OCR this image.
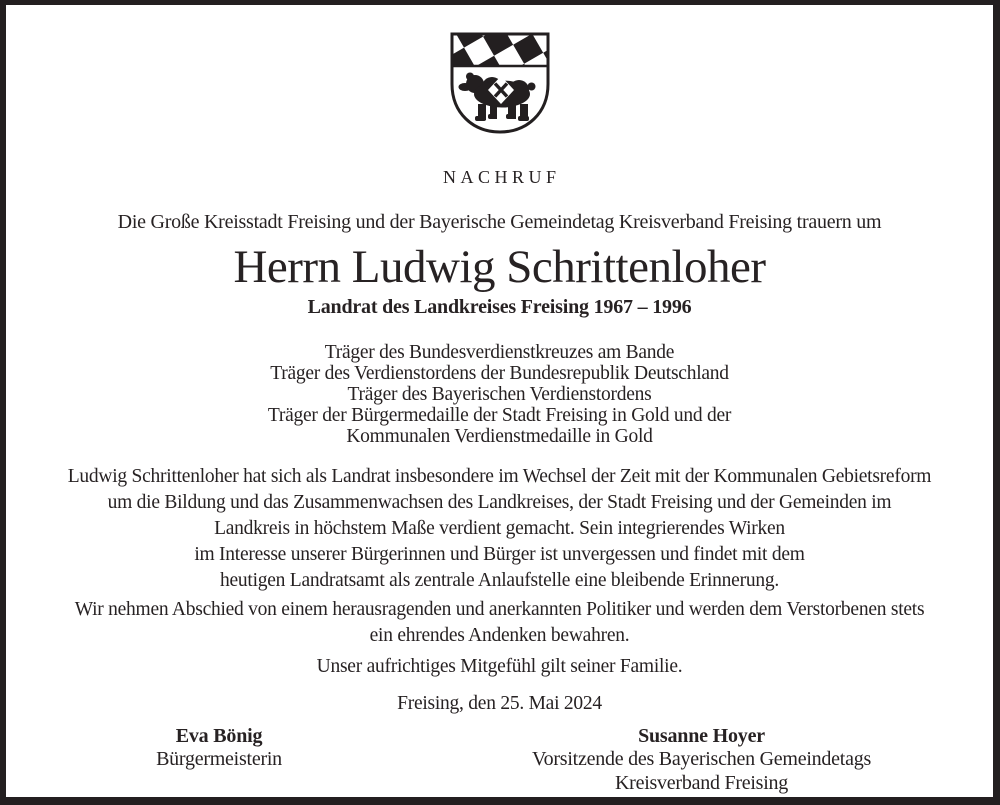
NACHRUF
Die Große Kreisstadt Freising und der Bayerische Gemeindetag Kreisverband Freising trauern um
Herrn Ludwig Schrittenloher
Landrat des Landkreises Freising 1967 – 1996
Träger des Bundesverdienstkreuzes am Bande
Träger des Verdienstordens der Bundesrepublik Deutschland
Träger des Bayerischen Verdienstordens
Träger der Bürgermedaille der Stadt Freising in Gold und der
Kommunalen Verdienstmedaille in Gold
Ludwig Schrittenloher hat sich als Landrat insbesondere im Wechsel der Zeit mit der Kommunalen Gebietsreform
um die Bildung und das Zusammenwachsen des Landkreises, der Stadt Freising und der Gemeinden im
Landkreis in höchstem Maße verdient gemacht. Sein integrierendes Wirken
im Interesse unserer Bürgerinnen und Bürger ist unvergessen und findet mit dem
heutigen Landratsamt als zentrale Anlaufstelle eine bleibende Erinnerung.
Wir nehmen Abschied von einem herausragenden und anerkannten Politiker und werden dem Verstorbenen stets
ein ehrendes Andenken bewahren.
Unser aufrichtiges Mitgefühl gilt seiner Familie.
Freising, den 25. Mai 2024
Eva Bönig
Bürgermeisterin
Susanne Hoyer
Vorsitzende des Bayerischen Gemeindetags
Kreisverband Freising
